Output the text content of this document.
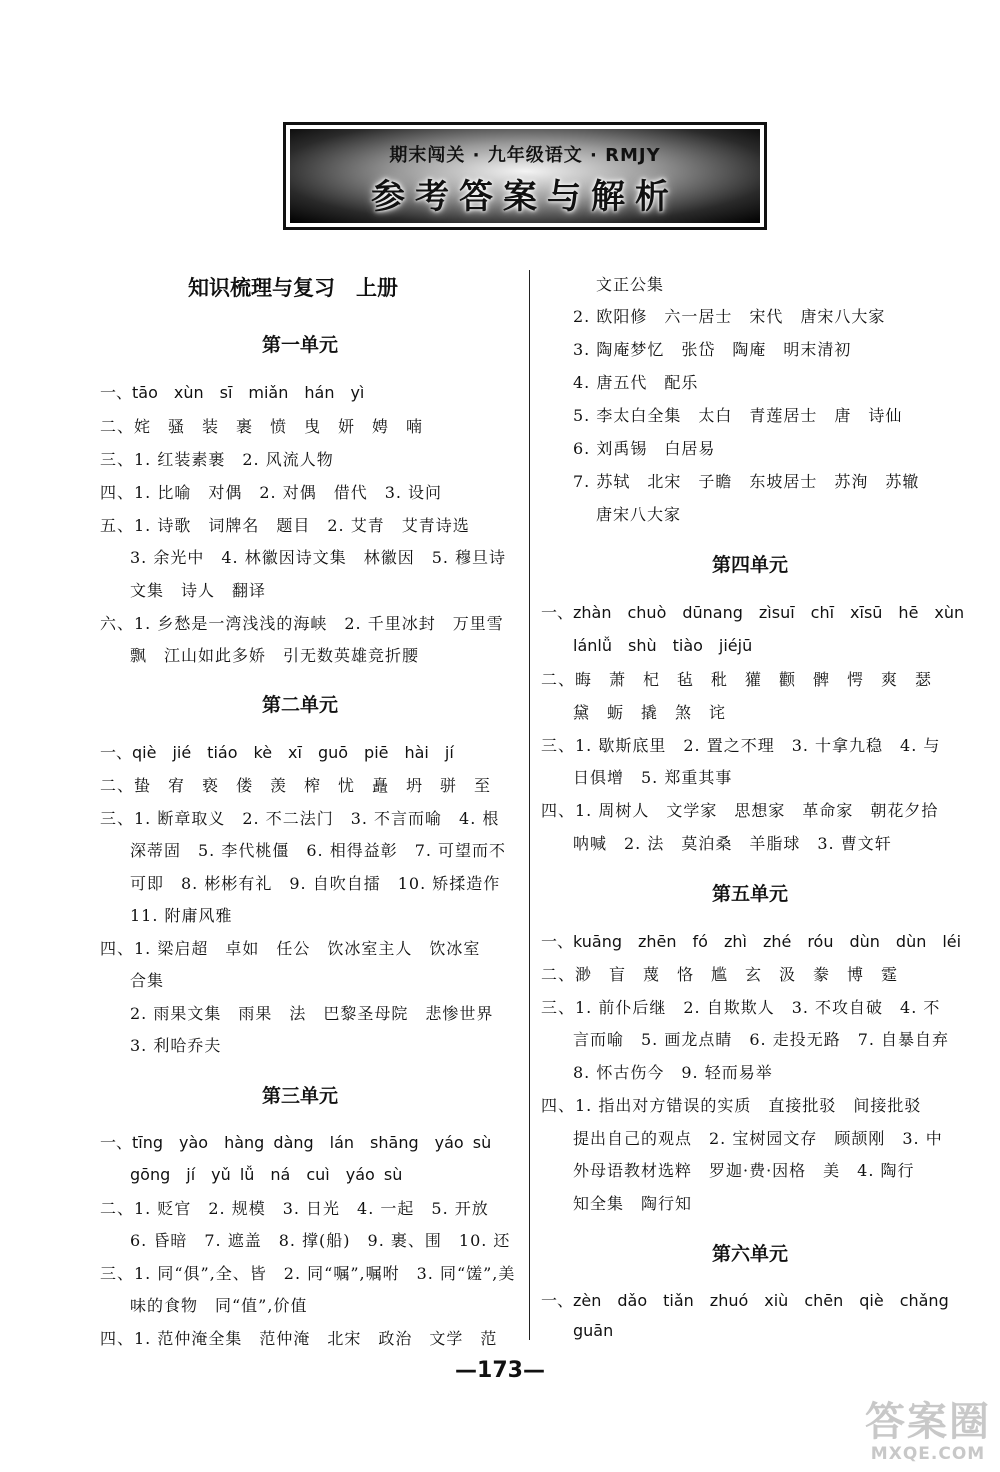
期末闯关 · 九年级语文 · RMJY
参考答案与解析
知识梳理与复习　上册
第一单元
一、tāo　xùn　sī　miǎn　hán　yì
二、姹　骚　装　裹　愤　曳　妍　娉　喃
三、1. 红装素裹　2. 风流人物
四、1. 比喻　对偶　2. 对偶　借代　3. 设问
五、1. 诗歌　词牌名　题目　2. 艾青　艾青诗选
3. 余光中　4. 林徽因诗文集　林徽因　5. 穆旦诗
文集　诗人　翻译
六、1. 乡愁是一湾浅浅的海峡　2. 千里冰封　万里雪
飘　江山如此多娇　引无数英雄竞折腰
第二单元
一、qiè　jié　tiáo　kè　xī　guō　piē　hài　jí
二、蛰　宥　亵　偻　羡　榨　忧　矗　坍　骈　至
三、1. 断章取义　2. 不二法门　3. 不言而喻　4. 根
深蒂固　5. 李代桃僵　6. 相得益彰　7. 可望而不
可即　8. 彬彬有礼　9. 自吹自擂　10. 矫揉造作
11. 附庸风雅
四、1. 梁启超　卓如　任公　饮冰室主人　饮冰室
合集
2. 雨果文集　雨果　法　巴黎圣母院　悲惨世界
3. 利哈乔夫
第三单元
一、tīng　yào　hàng dàng　lán　shāng　yáo sù
gōng　jí　yǔ lǚ　ná　cuì　yáo sù
二、1. 贬官　2. 规模　3. 日光　4. 一起　5. 开放
6. 昏暗　7. 遮盖　8. 撑(船)　9. 裹、围　10. 还
三、1. 同“俱”,全、皆　2. 同“嘱”,嘱咐　3. 同“馐”,美
味的食物　同“值”,价值
四、1. 范仲淹全集　范仲淹　北宋　政治　文学　范
文正公集
2. 欧阳修　六一居士　宋代　唐宋八大家
3. 陶庵梦忆　张岱　陶庵　明末清初
4. 唐五代　配乐
5. 李太白全集　太白　青莲居士　唐　诗仙
6. 刘禹锡　白居易
7. 苏轼　北宋　子瞻　东坡居士　苏洵　苏辙
唐宋八大家
第四单元
一、zhàn　chuò　dūnang　zìsuī　chī　xīsū　hē　xùn
lánlǚ　shù　tiào　jiéjū
二、晦　萧　杞　毡　秕　獾　颧　髀　愕　爽　瑟
黛　蛎　撬　煞　诧
三、1. 歇斯底里　2. 置之不理　3. 十拿九稳　4. 与
日俱增　5. 郑重其事
四、1. 周树人　文学家　思想家　革命家　朝花夕拾
呐喊　2. 法　莫泊桑　羊脂球　3. 曹文轩
第五单元
一、kuāng　zhēn　fó　zhì　zhé　róu　dùn　dùn　léi
二、渺　盲　蔑　恪　尴　玄　汲　豢　博　霆
三、1. 前仆后继　2. 自欺欺人　3. 不攻自破　4. 不
言而喻　5. 画龙点睛　6. 走投无路　7. 自暴自弃
8. 怀古伤今　9. 轻而易举
四、1. 指出对方错误的实质　直接批驳　间接批驳
提出自己的观点　2. 宝树园文存　顾颉刚　3. 中
外母语教材选粹　罗迦·费·因格　美　4. 陶行
知全集　陶行知
第六单元
一、zèn　dǎo　tiǎn　zhuó　xiù　chēn　qiè　chǎng
guān
—173—
答案圈
MXQE.COM
